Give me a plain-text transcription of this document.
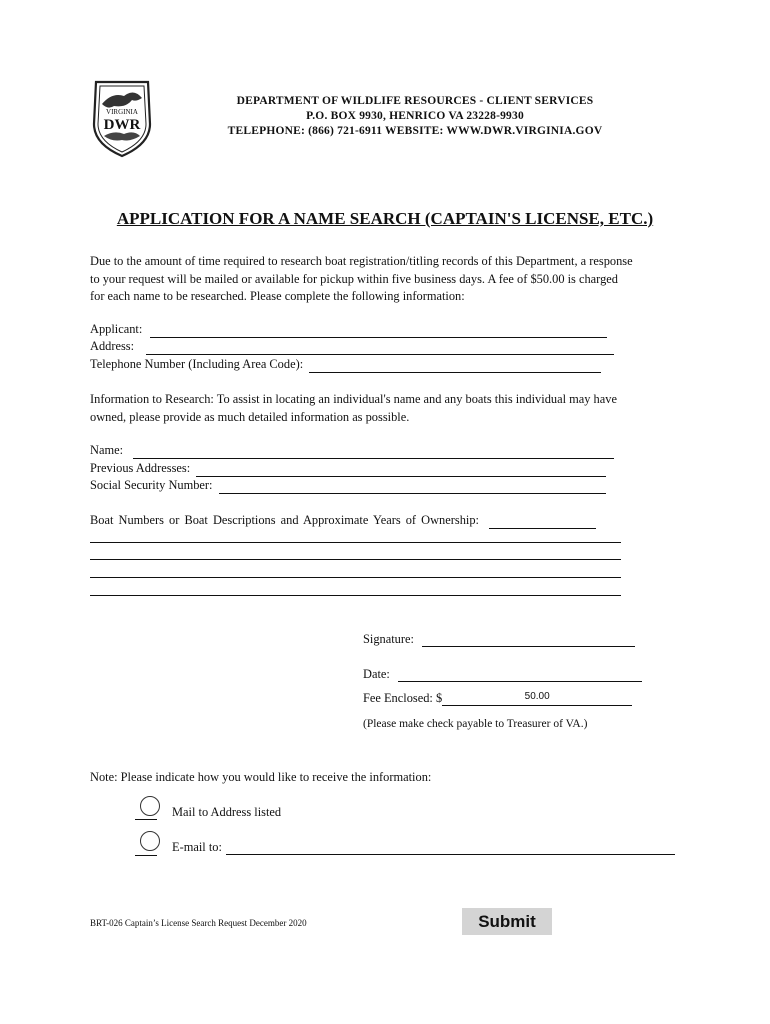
VIRGINIA
DWR
DEPARTMENT OF WILDLIFE RESOURCES - CLIENT SERVICES
P.O. BOX 9930, HENRICO VA 23228-9930
TELEPHONE: (866) 721-6911 WEBSITE: WWW.DWR.VIRGINIA.GOV
APPLICATION FOR A NAME SEARCH (CAPTAIN'S LICENSE, ETC.)
Due to the amount of time required to research boat registration/titling records of this Department, a response to your request will be mailed or available for pickup within five business days. A fee of $50.00 is charged for each name to be researched. Please complete the following information:
Applicant:
Address:
Telephone Number (Including Area Code):
Information to Research: To assist in locating an individual's name and any boats this individual may have owned, please provide as much detailed information as possible.
Name:
Previous Addresses:
Social Security Number:
Boat Numbers or Boat Descriptions and Approximate Years of Ownership:
Signature:
Date:
Fee Enclosed: $	50.00
(Please make check payable to Treasurer of VA.)
Note: Please indicate how you would like to receive the information:
Mail to Address listed
E-mail to:
BRT-026 Captain’s License Search Request December 2020	Submit
